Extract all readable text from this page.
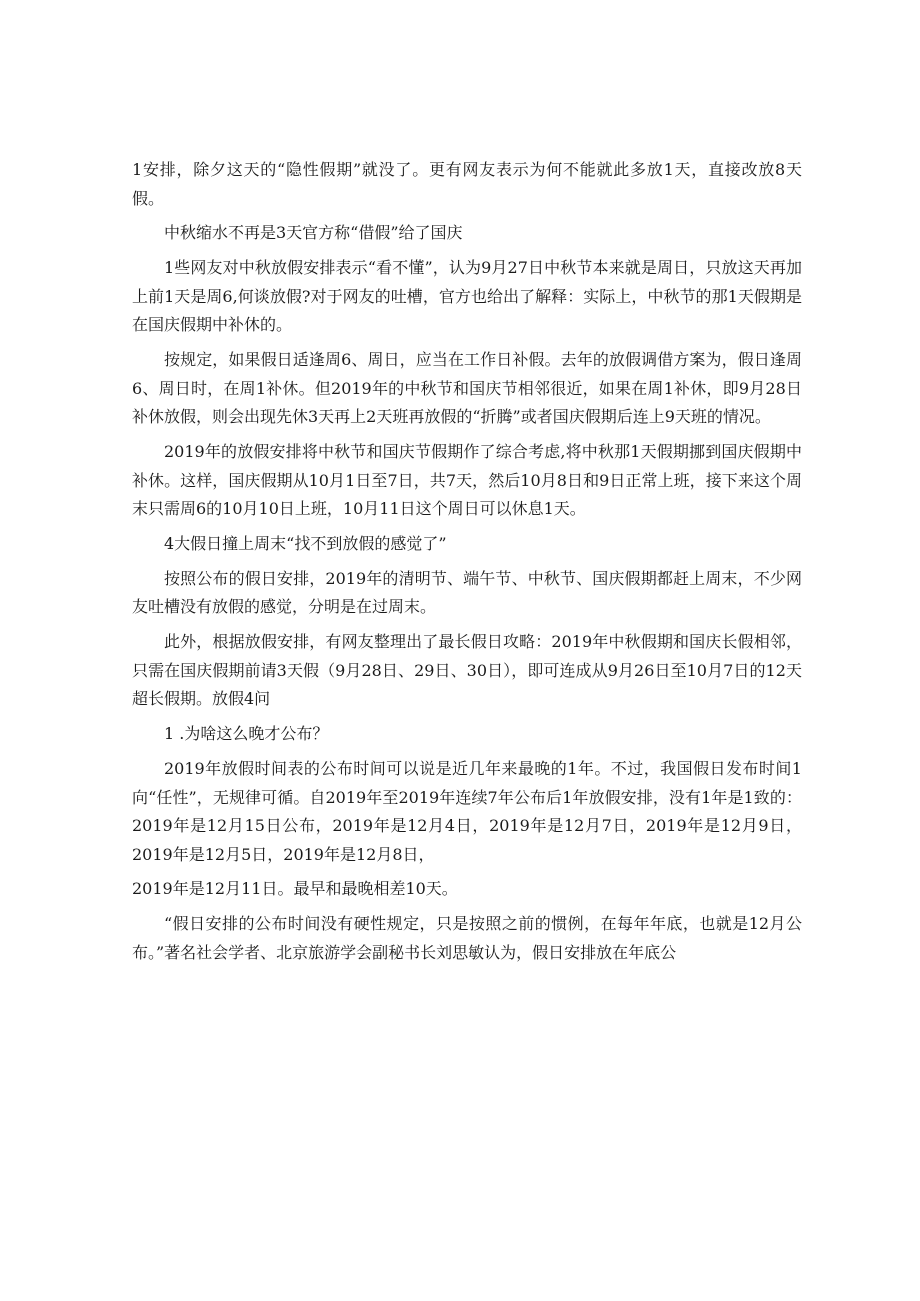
1安排，除夕这天的“隐性假期”就没了。更有网友表示为何不能就此多放1天，直接改放8天假。

中秋缩水不再是3天官方称“借假”给了国庆

1些网友对中秋放假安排表示“看不懂”，认为9月27日中秋节本来就是周日，只放这天再加上前1天是周6,何谈放假?对于网友的吐槽，官方也给出了解释：实际上，中秋节的那1天假期是在国庆假期中补休的。

按规定，如果假日适逢周6、周日，应当在工作日补假。去年的放假调借方案为，假日逢周6、周日时，在周1补休。但2019年的中秋节和国庆节相邻很近，如果在周1补休，即9月28日补休放假，则会出现先休3天再上2天班再放假的“折腾”或者国庆假期后连上9天班的情况。

2019年的放假安排将中秋节和国庆节假期作了综合考虑,将中秋那1天假期挪到国庆假期中补休。这样，国庆假期从10月1日至7日，共7天，然后10月8日和9日正常上班，接下来这个周末只需周6的10月10日上班，10月11日这个周日可以休息1天。

4大假日撞上周末“找不到放假的感觉了”

按照公布的假日安排，2019年的清明节、端午节、中秋节、国庆假期都赶上周末，不少网友吐槽没有放假的感觉，分明是在过周末。

此外，根据放假安排，有网友整理出了最长假日攻略：2019年中秋假期和国庆长假相邻，只需在国庆假期前请3天假（9月28日、29日、30日），即可连成从9月26日至10月7日的12天超长假期。放假4问

1 .为啥这么晚才公布？

2019年放假时间表的公布时间可以说是近几年来最晚的1年。不过，我国假日发布时间1向“任性”，无规律可循。自2019年至2019年连续7年公布后1年放假安排，没有1年是1致的：2019年是12月15日公布，2019年是12月4日，2019年是12月7日，2019年是12月9日，2019年是12月5日，2019年是12月8日，

2019年是12月11日。最早和最晚相差10天。

“假日安排的公布时间没有硬性规定，只是按照之前的惯例，在每年年底，也就是12月公布。”著名社会学者、北京旅游学会副秘书长刘思敏认为，假日安排放在年底公
